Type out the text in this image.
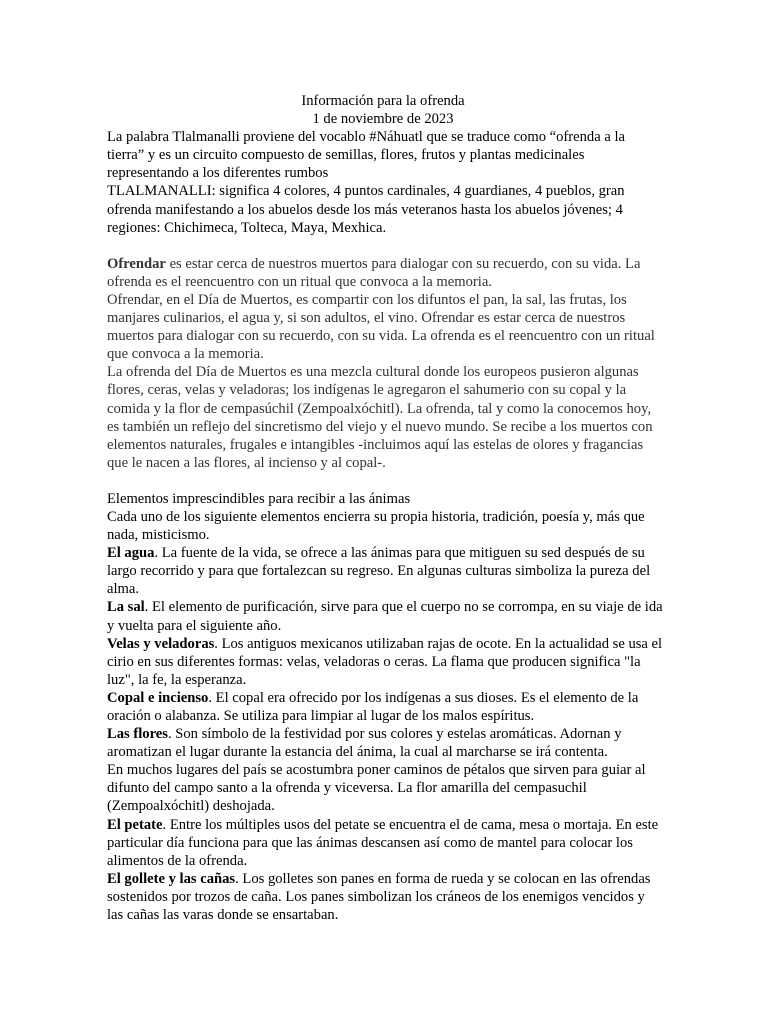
Información para la ofrenda

1 de noviembre de 2023

La palabra Tlalmanalli proviene del vocablo #Náhuatl que se traduce como “ofrenda a la tierra” y es un circuito compuesto de semillas, flores, frutos y plantas medicinales representando a los diferentes rumbos

TLALMANALLI: significa 4 colores, 4 puntos cardinales, 4 guardianes, 4 pueblos, gran ofrenda manifestando a los abuelos desde los más veteranos hasta los abuelos jóvenes; 4 regiones: Chichimeca, Tolteca, Maya, Mexhica.

Ofrendar es estar cerca de nuestros muertos para dialogar con su recuerdo, con su vida. La ofrenda es el reencuentro con un ritual que convoca a la memoria.

Ofrendar, en el Día de Muertos, es compartir con los difuntos el pan, la sal, las frutas, los manjares culinarios, el agua y, si son adultos, el vino. Ofrendar es estar cerca de nuestros muertos para dialogar con su recuerdo, con su vida. La ofrenda es el reencuentro con un ritual que convoca a la memoria.

La ofrenda del Día de Muertos es una mezcla cultural donde los europeos pusieron algunas flores, ceras, velas y veladoras; los indígenas le agregaron el sahumerio con su copal y la comida y la flor de cempasúchil (Zempoalxóchitl). La ofrenda, tal y como la conocemos hoy, es también un reflejo del sincretismo del viejo y el nuevo mundo. Se recibe a los muertos con elementos naturales, frugales e intangibles -incluimos aquí las estelas de olores y fragancias que le nacen a las flores, al incienso y al copal-.

Elementos imprescindibles para recibir a las ánimas

Cada uno de los siguiente elementos encierra su propia historia, tradición, poesía y, más que nada, misticismo.

El agua. La fuente de la vida, se ofrece a las ánimas para que mitiguen su sed después de su largo recorrido y para que fortalezcan su regreso. En algunas culturas simboliza la pureza del alma.

La sal. El elemento de purificación, sirve para que el cuerpo no se corrompa, en su viaje de ida y vuelta para el siguiente año.

Velas y veladoras. Los antiguos mexicanos utilizaban rajas de ocote. En la actualidad se usa el cirio en sus diferentes formas: velas, veladoras o ceras. La flama que producen significa "la luz", la fe, la esperanza.

Copal e incienso. El copal era ofrecido por los indígenas a sus dioses. Es el elemento de la oración o alabanza. Se utiliza para limpiar al lugar de los malos espíritus.

Las flores. Son símbolo de la festividad por sus colores y estelas aromáticas. Adornan y aromatizan el lugar durante la estancia del ánima, la cual al marcharse se irá contenta.

En muchos lugares del país se acostumbra poner caminos de pétalos que sirven para guiar al difunto del campo santo a la ofrenda y viceversa. La flor amarilla del cempasuchil (Zempoalxóchitl) deshojada.

El petate. Entre los múltiples usos del petate se encuentra el de cama, mesa o mortaja. En este particular día funciona para que las ánimas descansen así como de mantel para colocar los alimentos de la ofrenda.

El gollete y las cañas. Los golletes son panes en forma de rueda y se colocan en las ofrendas sostenidos por trozos de caña. Los panes simbolizan los cráneos de los enemigos vencidos y las cañas las varas donde se ensartaban.
